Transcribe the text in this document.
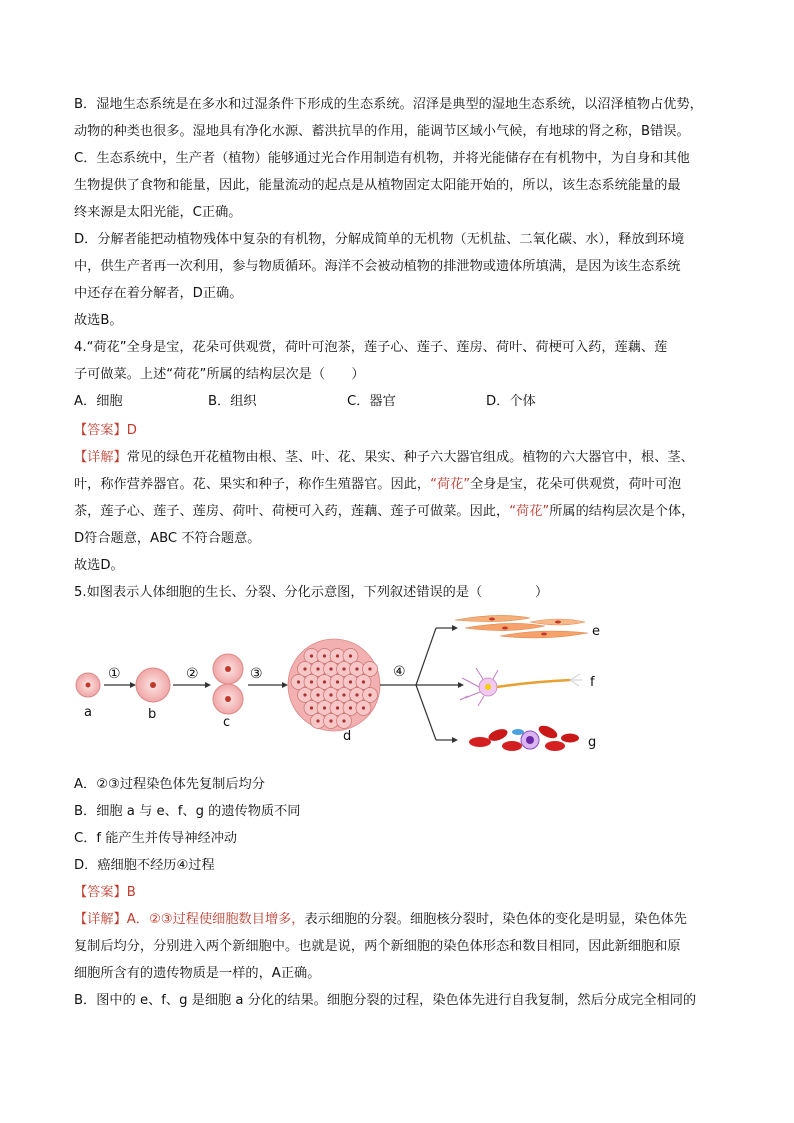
B．湿地生态系统是在多水和过湿条件下形成的生态系统。沼泽是典型的湿地生态系统，以沼泽植物占优势，
动物的种类也很多。湿地具有净化水源、蓄洪抗旱的作用，能调节区域小气候，有地球的肾之称，B错误。
C．生态系统中，生产者（植物）能够通过光合作用制造有机物，并将光能储存在有机物中，为自身和其他
生物提供了食物和能量，因此，能量流动的起点是从植物固定太阳能开始的，所以，该生态系统能量的最
终来源是太阳光能，C正确。
D．分解者能把动植物残体中复杂的有机物，分解成简单的无机物（无机盐、二氧化碳、水），释放到环境
中，供生产者再一次利用，参与物质循环。海洋不会被动植物的排泄物或遗体所填满，是因为该生态系统
中还存在着分解者，D正确。
故选B。
4.“荷花”全身是宝，花朵可供观赏，荷叶可泡茶，莲子心、莲子、莲房、荷叶、荷梗可入药，莲藕、莲
子可做菜。上述“荷花”所属的结构层次是（　　）
A．细胞	B．组织	C．器官	D．个体
【答案】D
【详解】常见的绿色开花植物由根、茎、叶、花、果实、种子六大器官组成。植物的六大器官中，根、茎、
叶，称作营养器官。花、果实和种子，称作生殖器官。因此，“荷花”全身是宝，花朵可供观赏，荷叶可泡
茶，莲子心、莲子、莲房、荷叶、荷梗可入药，莲藕、莲子可做菜。因此，“荷花”所属的结构层次是个体，
D符合题意，ABC 不符合题意。
故选D。
5.如图表示人体细胞的生长、分裂、分化示意图，下列叙述错误的是（　　　　）
①	②	③	④
a	b
c
d
e
f
g
A．②③过程染色体先复制后均分
B．细胞 a 与 e、f、g 的遗传物质不同
C．f 能产生并传导神经冲动
D．癌细胞不经历④过程
【答案】B
【详解】A．②③过程使细胞数目增多，表示细胞的分裂。细胞核分裂时，染色体的变化是明显，染色体先
复制后均分，分别进入两个新细胞中。也就是说，两个新细胞的染色体形态和数目相同，因此新细胞和原
细胞所含有的遗传物质是一样的，A正确。
B．图中的 e、f、g 是细胞 a 分化的结果。细胞分裂的过程，染色体先进行自我复制，然后分成完全相同的
